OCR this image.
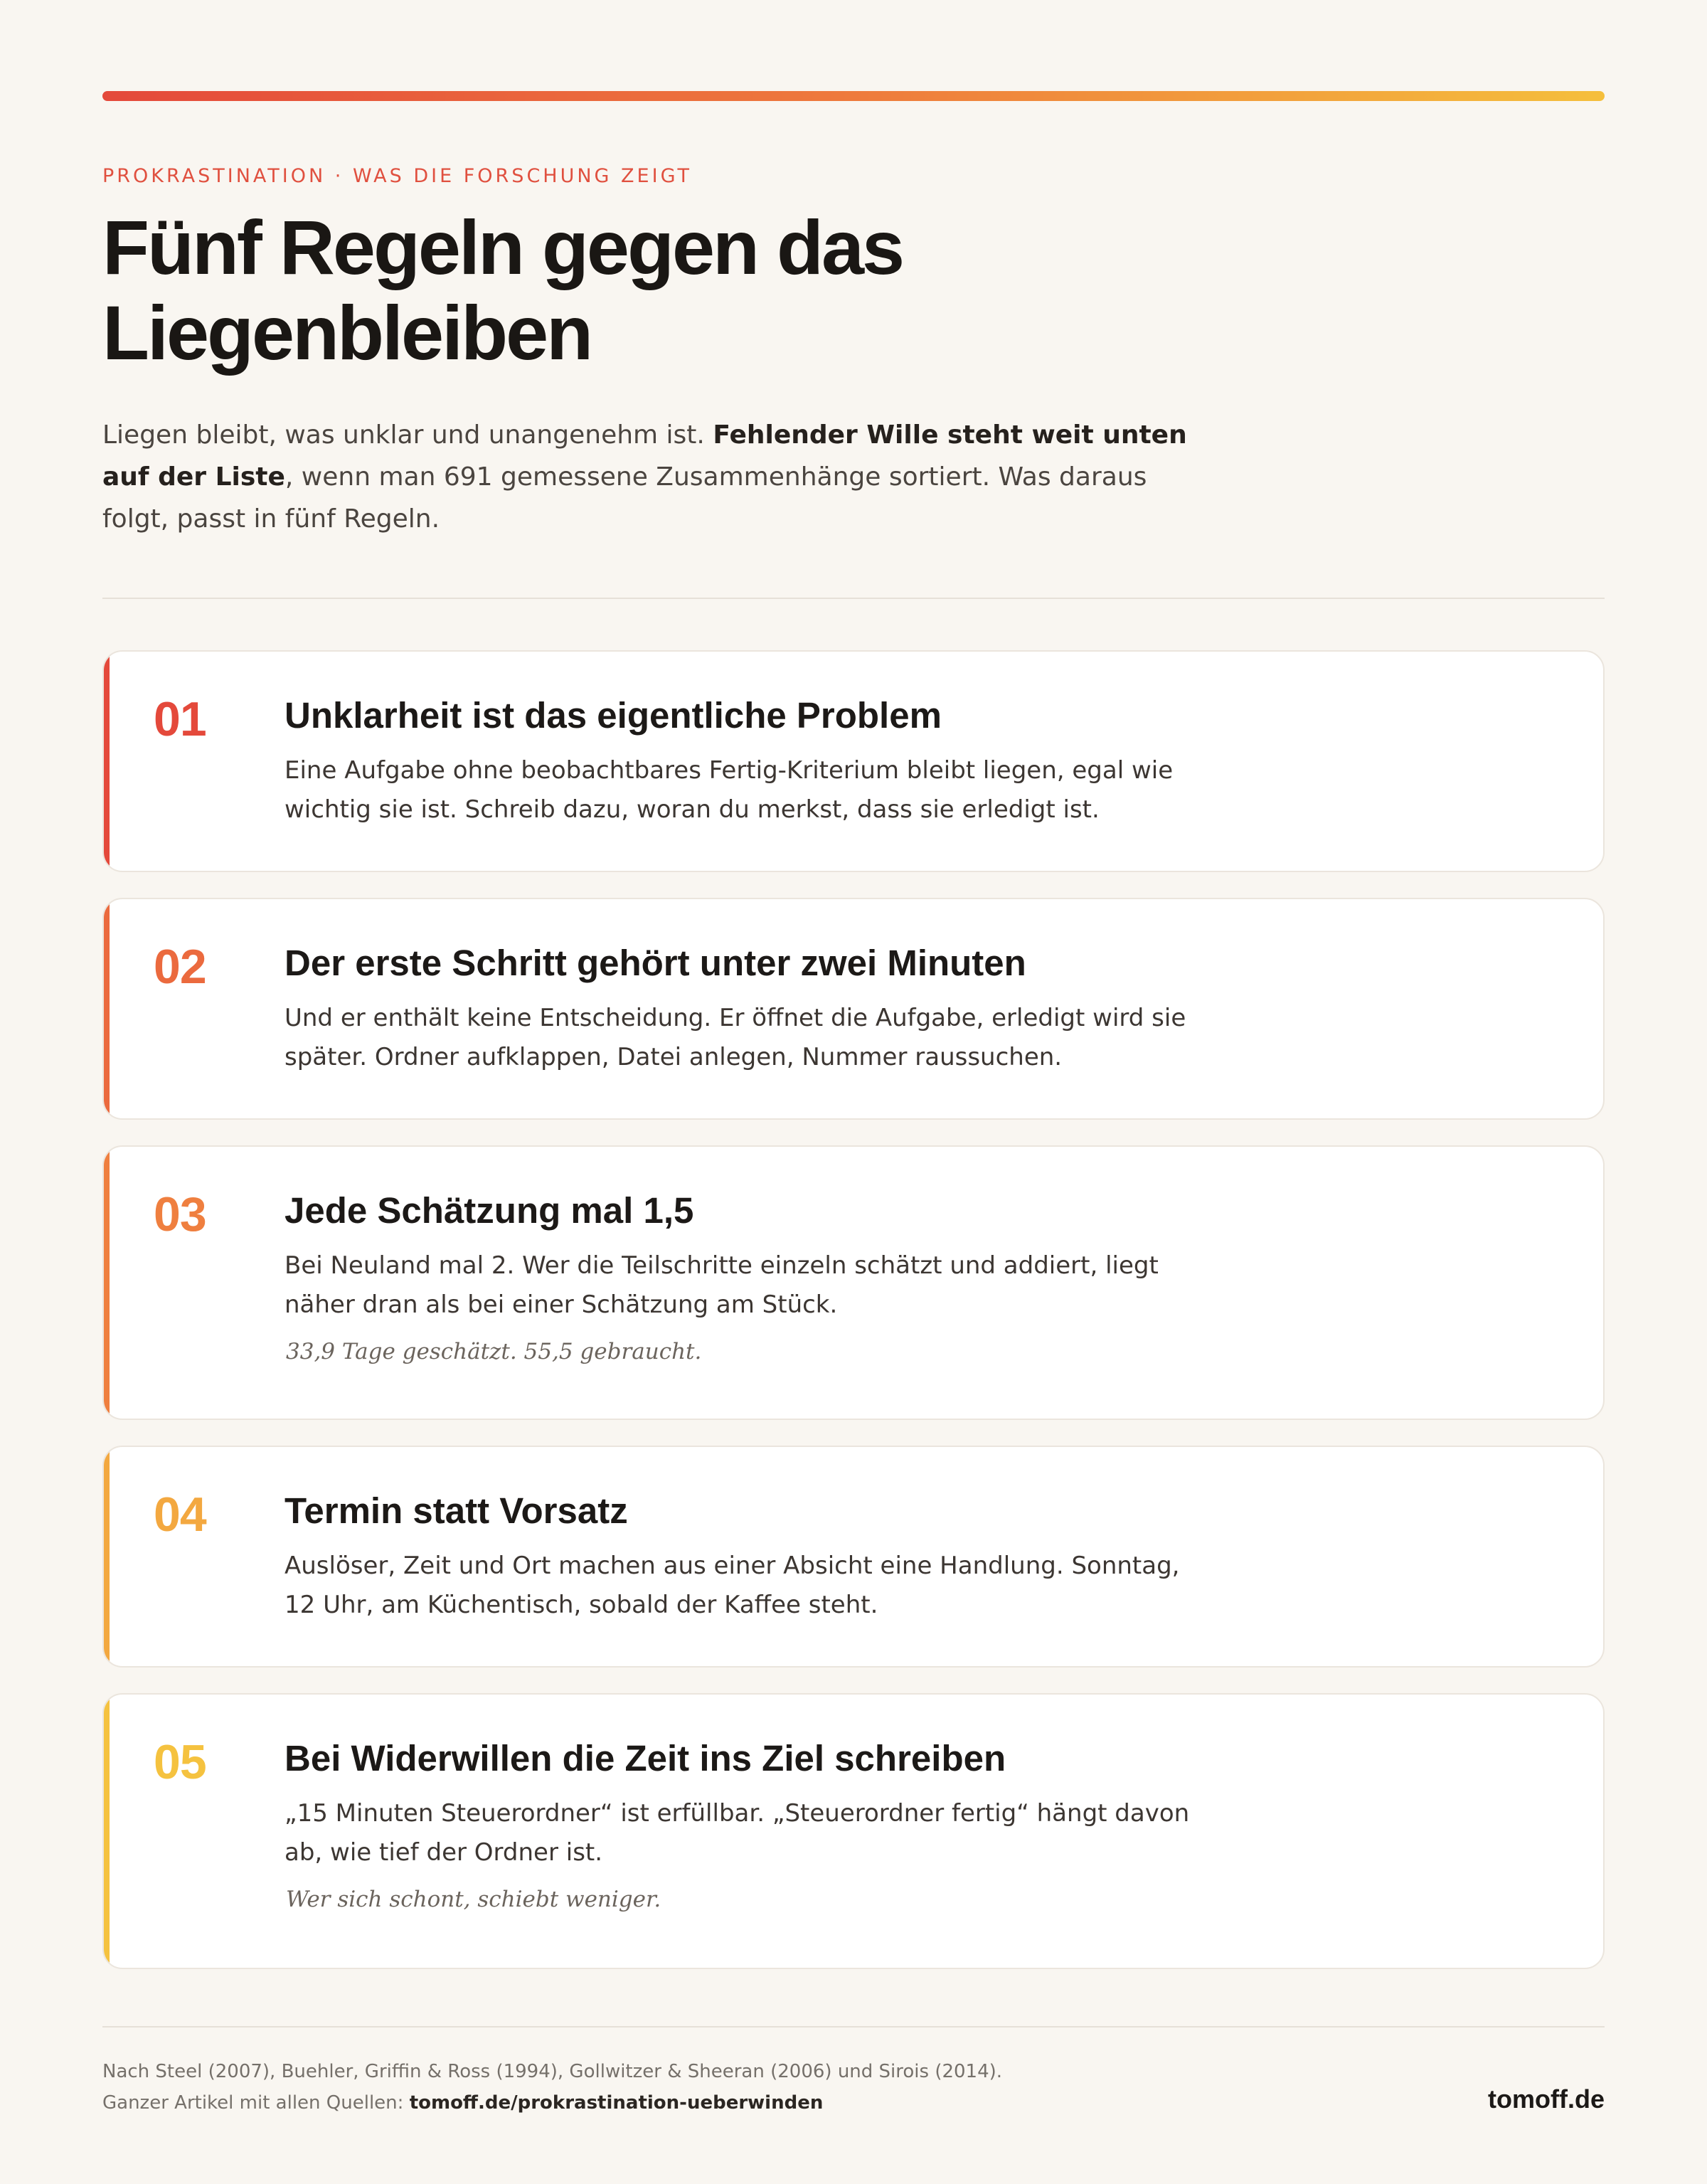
PROKRASTINATION · WAS DIE FORSCHUNG ZEIGT
Fünf Regeln gegen das
Liegenbleiben

Liegen bleibt, was unklar und unangenehm ist. Fehlender Wille steht weit unten auf der Liste, wenn man 691 gemessene Zusammenhänge sortiert. Was daraus folgt, passt in fünf Regeln.

01 Unklarheit ist das eigentliche Problem
Eine Aufgabe ohne beobachtbares Fertig-Kriterium bleibt liegen, egal wie wichtig sie ist. Schreib dazu, woran du merkst, dass sie erledigt ist.
02 Der erste Schritt gehört unter zwei Minuten
Und er enthält keine Entscheidung. Er öffnet die Aufgabe, erledigt wird sie später. Ordner aufklappen, Datei anlegen, Nummer raussuchen.
03 Jede Schätzung mal 1,5
Bei Neuland mal 2. Wer die Teilschritte einzeln schätzt und addiert, liegt näher dran als bei einer Schätzung am Stück.
33,9 Tage geschätzt. 55,5 gebraucht.
04 Termin statt Vorsatz
Auslöser, Zeit und Ort machen aus einer Absicht eine Handlung. Sonntag, 12 Uhr, am Küchentisch, sobald der Kaffee steht.
05 Bei Widerwillen die Zeit ins Ziel schreiben
„15 Minuten Steuerordner“ ist erfüllbar. „Steuerordner fertig“ hängt davon ab, wie tief der Ordner ist.
Wer sich schont, schiebt weniger.
Nach Steel (2007), Buehler, Griffin & Ross (1994), Gollwitzer & Sheeran (2006) und Sirois (2014).
Ganzer Artikel mit allen Quellen: tomoff.de/prokrastination-ueberwinden	tomoff.de
